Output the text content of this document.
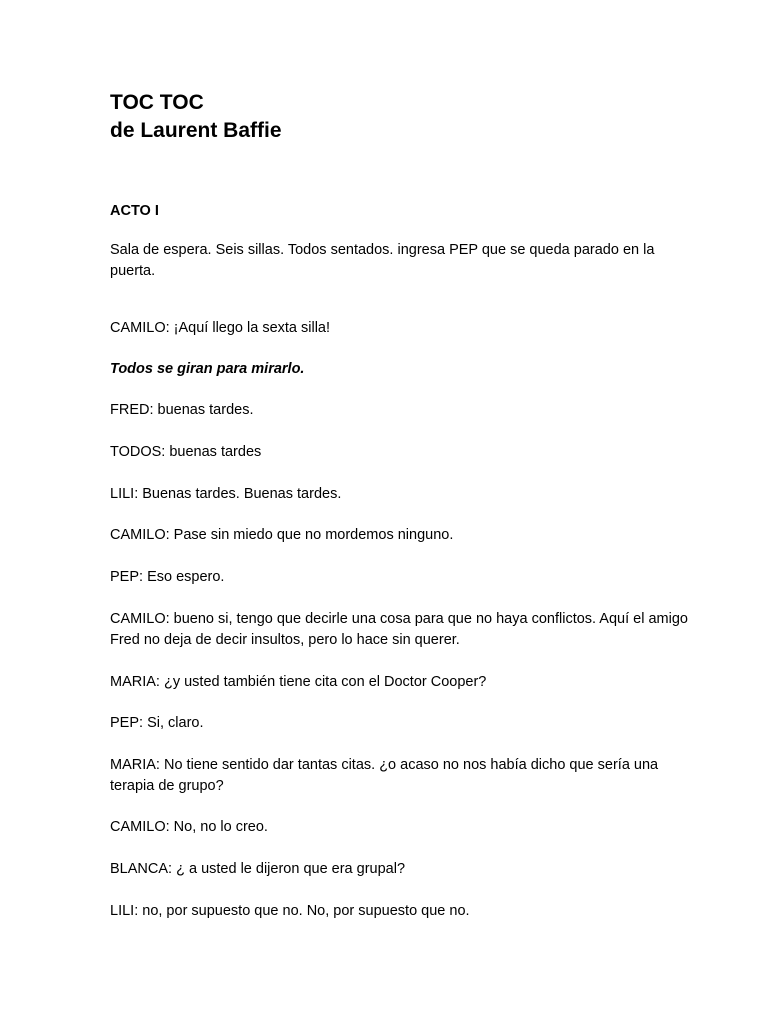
TOC TOC
de Laurent Baffie
ACTO I
Sala de espera. Seis sillas. Todos sentados. ingresa PEP que se queda parado en la puerta.
CAMILO: ¡Aquí llego la sexta silla!
Todos se giran para mirarlo.
FRED: buenas tardes.
TODOS: buenas tardes
LILI: Buenas tardes. Buenas tardes.
CAMILO: Pase sin miedo que no mordemos ninguno.
PEP: Eso espero.
CAMILO: bueno si, tengo que decirle una cosa para que no haya conflictos. Aquí el amigo Fred no deja de decir insultos, pero lo hace sin querer.
MARIA: ¿y usted también tiene cita con el Doctor Cooper?
PEP: Si, claro.
MARIA: No tiene sentido dar tantas citas. ¿o acaso no nos había dicho que sería una terapia de grupo?
CAMILO: No, no lo creo.
BLANCA: ¿ a usted le dijeron que era grupal?
LILI: no, por supuesto que no. No, por supuesto que no.
